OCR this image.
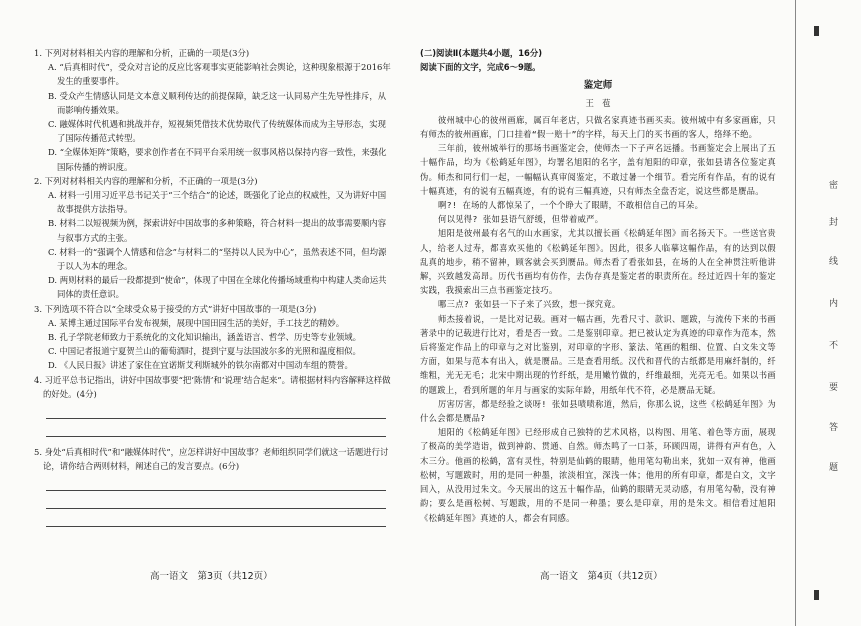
1. 下列对材料相关内容的理解和分析，正确的一项是(3分)

A. “后真相时代”，受众对言论的反应比客观事实更能影响社会舆论，这种现象根源于2016年发生的重要事件。

B. 受众产生情感认同是文本意义顺利传达的前提保障，缺乏这一认同易产生先导性排斥，从而影响传播效果。

C. 融媒体时代机遇和挑战并存，短视频凭借技术优势取代了传统媒体而成为主导形态，实现了国际传播范式转型。

D. “全媒体矩阵”策略，要求创作者在不同平台采用统一叙事风格以保持内容一致性，来强化国际传播的辨识度。

2. 下列对材料相关内容的理解和分析，不正确的一项是(3分)

A. 材料一引用习近平总书记关于“三个结合”的论述，既强化了论点的权威性，又为讲好中国故事提供方法指导。

B. 材料二以短视频为例，探索讲好中国故事的多种策略，符合材料一提出的故事需要顺内容与叙事方式的主张。

C. 材料一的“强调个人情感和信念”与材料二的“坚持以人民为中心”，虽然表述不同，但均源于以人为本的理念。

D. 两则材料的最后一段都提到“使命”，体现了中国在全球化传播场域重构中构建人类命运共同体的责任意识。

3. 下列选项不符合以“全球受众易于接受的方式”讲好中国故事的一项是(3分)

A. 某博主通过国际平台发布视频，展现中国田园生活的美好，手工技艺的精妙。

B. 孔子学院老师致力于系统化的文化知识输出，涵盖语言、哲学、历史等专业领域。

C. 中国记者报道宁夏贺兰山的葡萄酒时，提到宁夏与法国波尔多的光照和温度相似。

D. 《人民日报》讲述了家住在宜诺斯艾利斯城外的铁尔南都对中国动车组的赞誉。

4. 习近平总书记指出，讲好中国故事要“把‘陈情’和‘说理’结合起来”。请根据材料内容解释这样做的好处。(4分)

5. 身处“后真相时代”和“融媒体时代”，应怎样讲好中国故事？老师组织同学们就这一话题进行讨论，请你结合两则材料，阐述自己的发言要点。(6分)

高一语文　第3页（共12页）

(二)阅读Ⅱ(本题共4小题，16分)

阅读下面的文字，完成6～9题。

鉴定师

王　苞

彼州城中心的彼州画廊，属百年老店，只做名家真迹书画买卖。彼州城中有多家画廊，只有师杰的彼州画廊，门口挂着“假一赔十”的字样，每天上门的买书画的客人，络绎不绝。

三年前，彼州城举行的那场书画鉴定会，使师杰一下子声名远播。书画鉴定会上展出了五十幅作品，均为《松鹤延年图》，均署名旭阳的名字，盖有旭阳的印章，张如县请各位鉴定真伪。师杰和同行们一起，一幅幅认真审阅鉴定，不敢过暑一个细节。看完所有作品，有的说有十幅真迹，有的说有五幅真迹，有的说有三幅真迹，只有师杰全盘否定，说这些都是赝品。

啊?! 在场的人都惊呆了，一个个睁大了眼睛，不敢相信自己的耳朵。

何以见得? 张如县语气舒缓，但带着威严。

旭阳是彼州最有名气的山水画家，尤其以擅长画《松鹤延年图》而名扬天下。一些送官贵人，给老人过寿，都喜欢买他的《松鹤延年图》。因此，很多人临摹这幅作品，有的达到以假乱真的地步，稍不留神，顾客就会买到赝品。师杰看了看张如县，在场的人在全神贯注听他讲解，兴致越发高昂。历代书画均有仿作，去伪存真是鉴定者的职责所在。经过近四十年的鉴定实践，我摸索出三点书画鉴定技巧。

哪三点? 张如县一下子来了兴致，想一探究竟。

师杰接着说，一是比对记载。画对一幅古画，先看尺寸、款识、题跋，与流传下来的书画著录中的记载进行比对，看是否一致。二是鉴别印章。把已被认定为真迹的印章作为范本，然后将鉴定作品上的印章与之对比鉴别，对印章的字形、篆法、笔画的粗细、位置、白文朱文等方面，如果与范本有出入，就是赝品。三是查看用纸。汉代和晋代的古纸都是用麻纤制的，纤维粗，光无无毛；北宋中期出现的竹纤纸，是用嫩竹做的，纤维最细，光亮无毛。如果以书画的题跋上，看到所题的年月与画家的实际年龄，用纸年代不符，必是赝品无疑。

厉害厉害，都是经验之谈呀! 张如县啧啧称道，然后，你那么说，这些《松鹤延年图》为什么会都是赝品?

旭阳的《松鹤延年图》已经形成自己独特的艺术风格，以构图、用笔、着色等方面，展现了极高的美学造诣，做到神韵、贯通、自然。师杰鸣了一口茶，环顾四周，讲得有声有色，入木三分。他画的松鹤，富有灵性，特别是仙鹤的眼睛，他用笔勾勒出来，犹如一双有神，他画松树，写题跋时，用的是同一种墨，浓淡相宜，深浅一体；他用的所有印章，都是白文，文字回入，从没用过朱文。今天展出的这五十幅作品，仙鹤的眼睛无灵动感，有用笔勾勒，没有神韵；要么是画松树、写题跋，用的不是同一种墨；要么是印章，用的是朱文。相信看过旭阳《松鹤延年图》真迹的人，都会有同感。

高一语文　第4页（共12页）
密
封
线
内
不
要
答
题
